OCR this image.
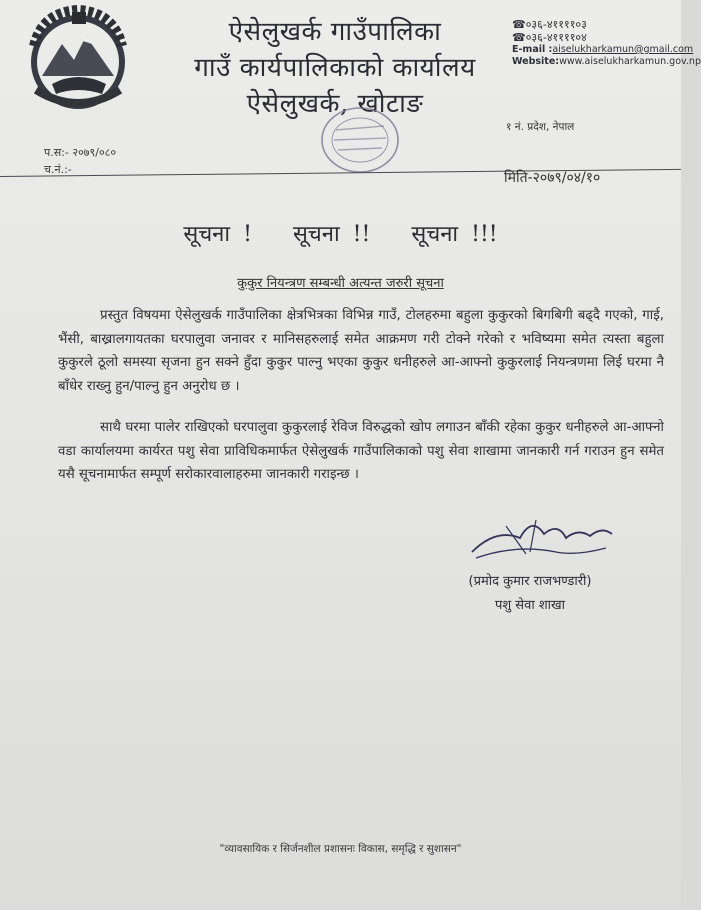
ऐसेलुखर्क गाउँपालिका
गाउँ कार्यपालिकाको कार्यालय
ऐसेलुखर्क, खोटाङ
☎०३६-४११११०३
☎०३६-४११११०४
E-mail :aiselukharkamun@gmail.com
Website:www.aiselukharkamun.gov.np
१ नं. प्रदेश, नेपाल
प.स:- २०७९/०८०
च.नं.:-
मिति-२०७९/०४/१०
सूचना ! सूचना !! सूचना !!!
कुकुर नियन्त्रण सम्बन्धी अत्यन्त जरुरी सूचना

प्रस्तुत विषयमा ऐसेलुखर्क गाउँपालिका क्षेत्रभित्रका विभिन्न गाउँ, टोलहरुमा बहुला कुकुरको बिगबिगी बढ्दै गएको, गाई, भैंसी, बाख्रालगायतका घरपालुवा जनावर र मानिसहरुलाई समेत आक्रमण गरी टोक्ने गरेको र भविष्यमा समेत त्यस्ता बहुला कुकुरले ठूलो समस्या सृजना हुन सक्ने हुँदा कुकुर पाल्नु भएका कुकुर धनीहरुले आ-आफ्नो कुकुरलाई नियन्त्रणमा लिई घरमा नै बाँधेर राख्नु हुन/पाल्नु हुन अनुरोध छ ।

साथै घरमा पालेर राखिएको घरपालुवा कुकुरलाई रेविज विरुद्धको खोप लगाउन बाँकी रहेका कुकुर धनीहरुले आ-आफ्नो वडा कार्यालयमा कार्यरत पशु सेवा प्राविधिकमार्फत ऐसेलुखर्क गाउँपालिकाको पशु सेवा शाखामा जानकारी गर्न गराउन हुन समेत यसै सूचनामार्फत सम्पूर्ण सरोकारवालाहरुमा जानकारी गराइन्छ ।

(प्रमोद कुमार राजभण्डारी)
पशु सेवा शाखा
"व्यावसायिक र सिर्जनशील प्रशासनः विकास, समृद्धि र सुशासन"
